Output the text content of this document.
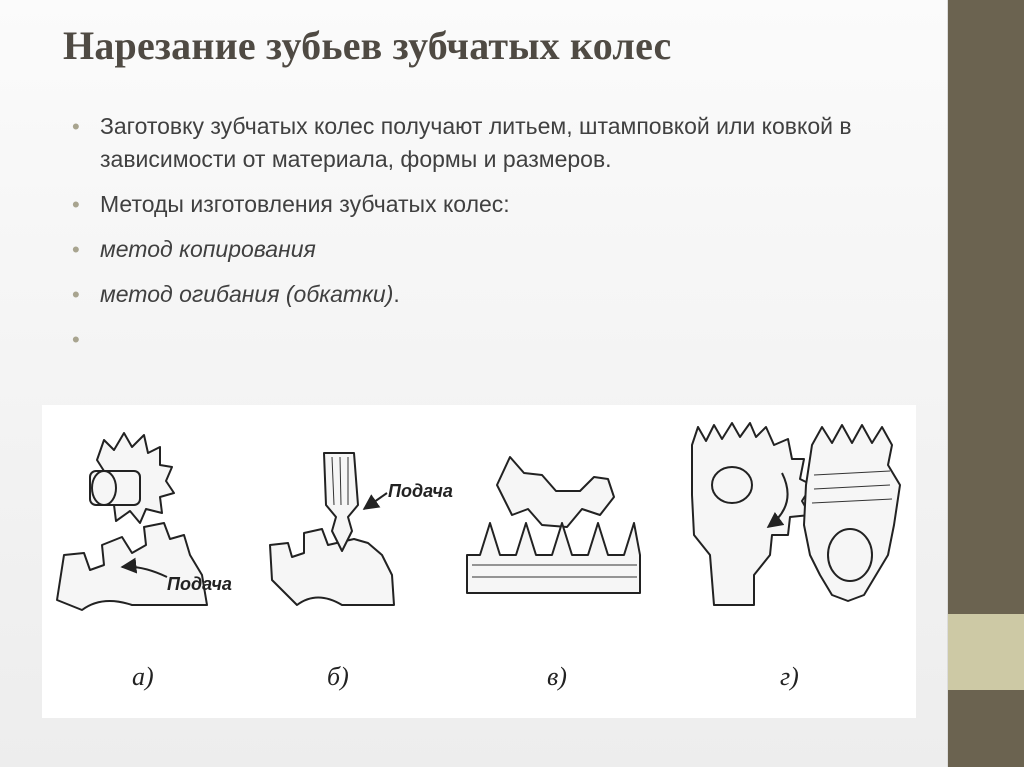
Нарезание зубьев зубчатых колес
• Заготовку зубчатых колес получают литьем, штамповкой или ковкой в зависимости от материала, формы и размеров.
• Методы изготовления зубчатых колес:
• метод копирования
• метод огибания (обкатки).
•
Подача
а)
Подача
б)	в)	г)
